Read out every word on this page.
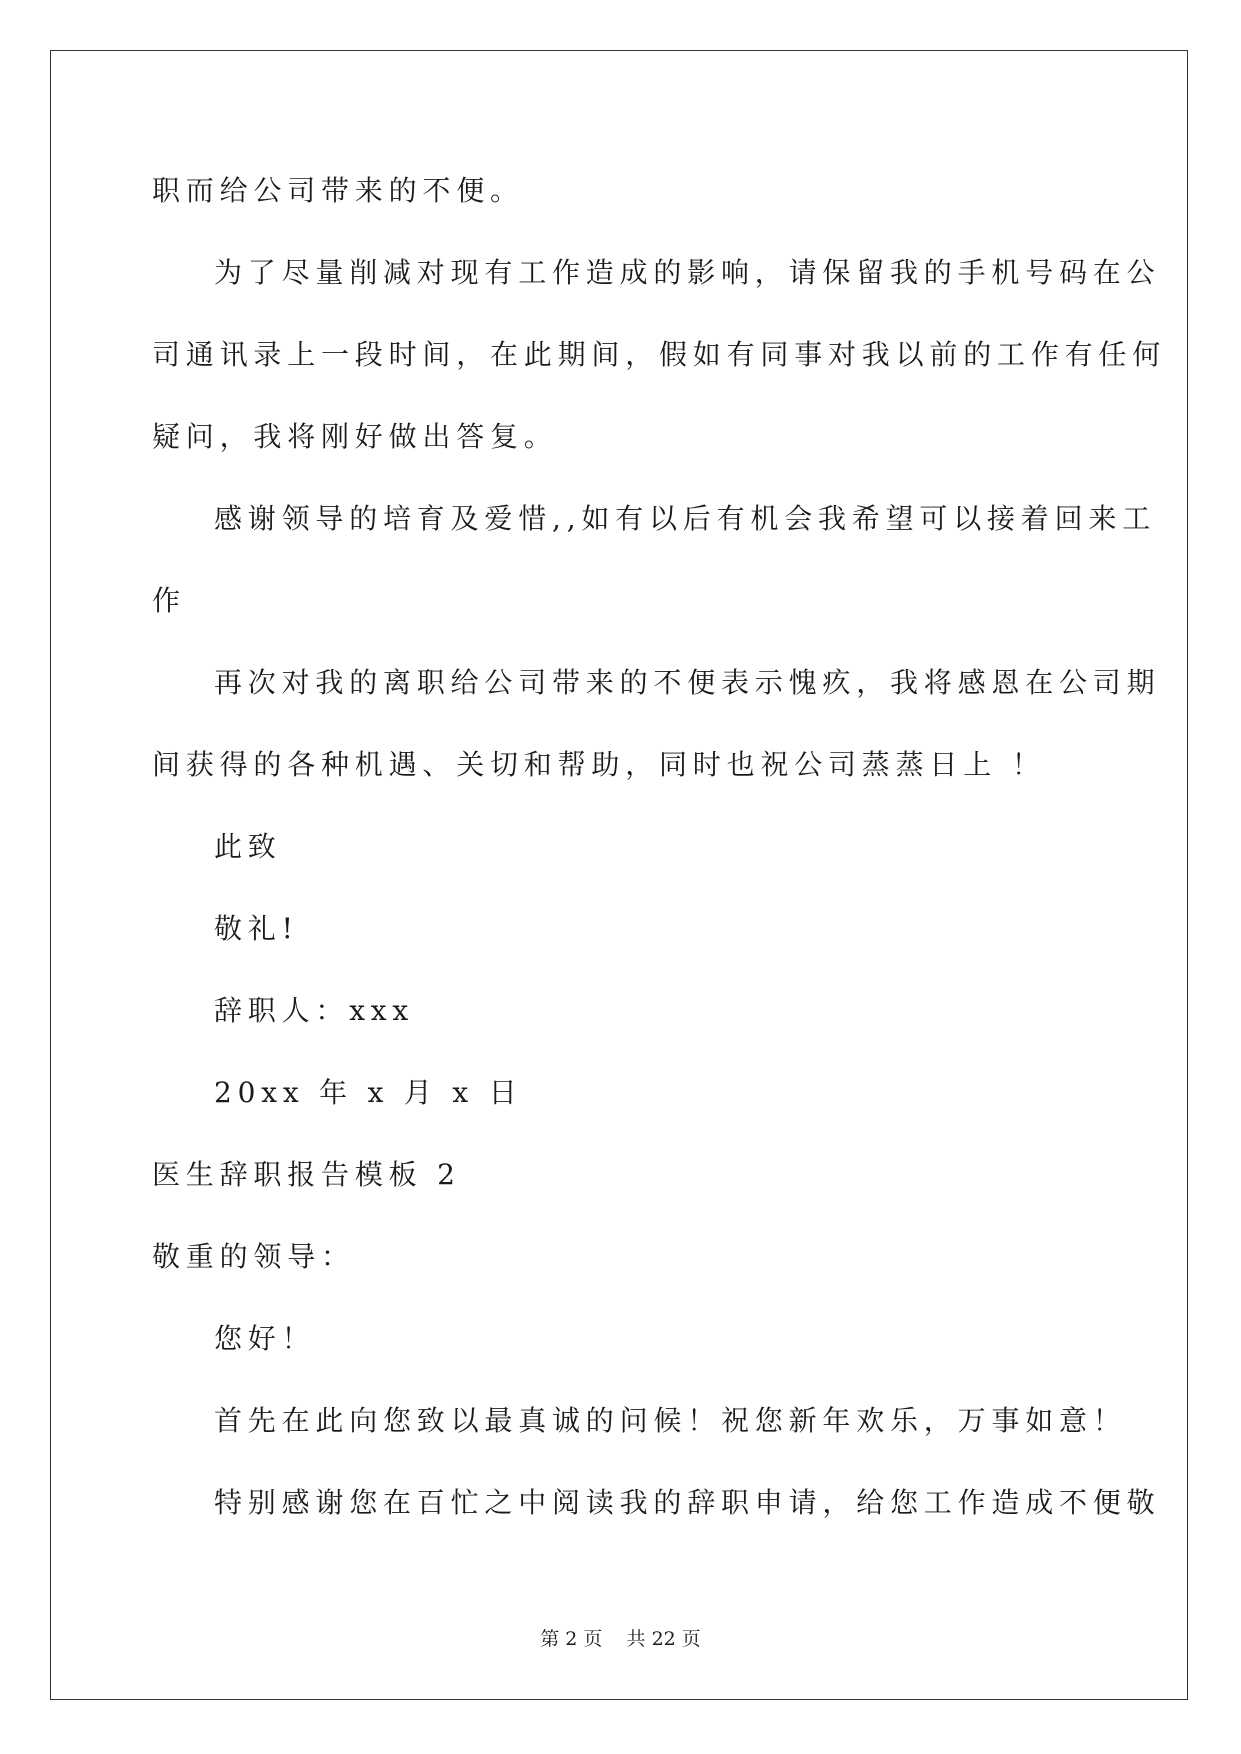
职而给公司带来的不便。
为了尽量削减对现有工作造成的影响，请保留我的手机号码在公
司通讯录上一段时间，在此期间，假如有同事对我以前的工作有任何
疑问，我将刚好做出答复。
感谢领导的培育及爱惜,,如有以后有机会我希望可以接着回来工
作
再次对我的离职给公司带来的不便表示愧疚，我将感恩在公司期
间获得的各种机遇、关切和帮助，同时也祝公司蒸蒸日上 ！
此致
敬礼!
辞职人：xxx
20xx 年 x 月 x 日
医生辞职报告模板 2
敬重的领导：
您好！
首先在此向您致以最真诚的问候！祝您新年欢乐，万事如意！
特别感谢您在百忙之中阅读我的辞职申请，给您工作造成不便敬
第 2 页    共 22 页
